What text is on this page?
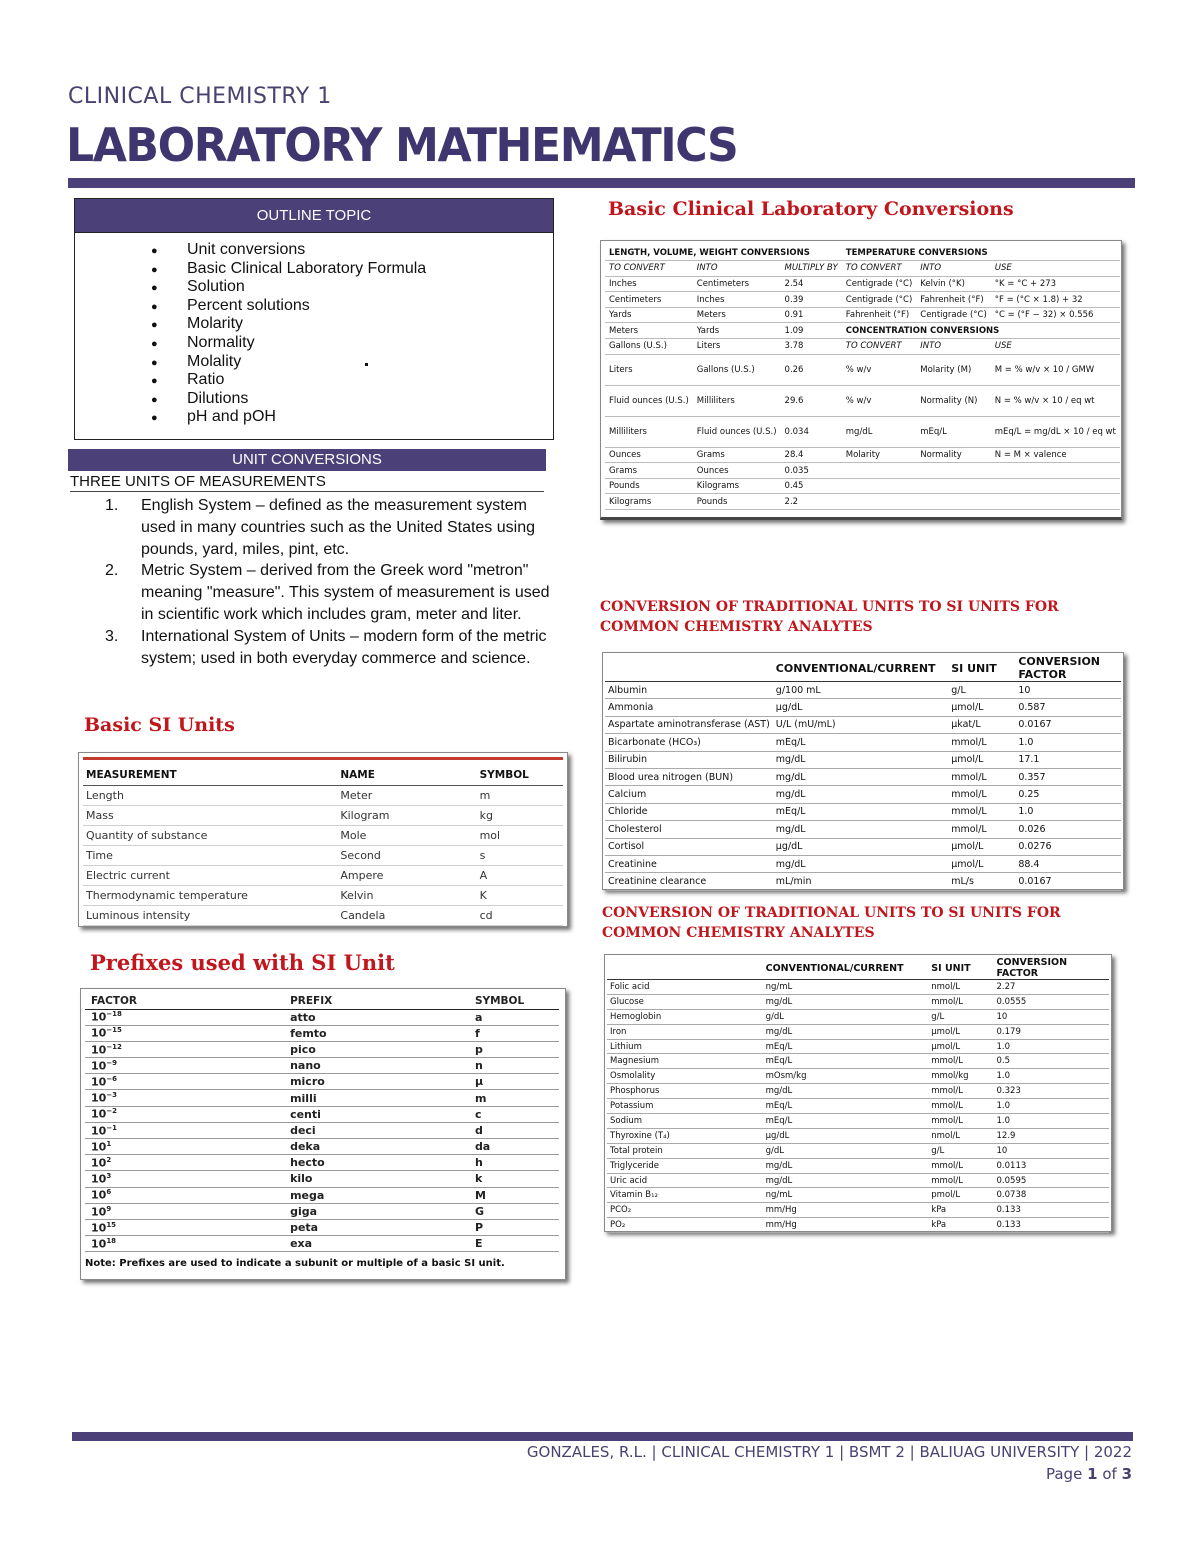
CLINICAL CHEMISTRY 1
LABORATORY MATHEMATICS
OUTLINE TOPIC
● Unit conversions
● Basic Clinical Laboratory Formula
● Solution
● Percent solutions
● Molarity
● Normality
● Molality
● Ratio
● Dilutions
● pH and pOH
UNIT CONVERSIONS
THREE UNITS OF MEASUREMENTS
1. English System – defined as the measurement system used in many countries such as the United States using pounds, yard, miles, pint, etc.
2. Metric System – derived from the Greek word "metron" meaning "measure". This system of measurement is used in scientific work which includes gram, meter and liter.
3. International System of Units – modern form of the metric system; used in both everyday commerce and science.
Basic SI Units
MEASUREMENT	NAME	SYMBOL
Length	Meter	m
Mass	Kilogram	kg
Quantity of substance	Mole	mol
Time	Second	s
Electric current	Ampere	A
Thermodynamic temperature	Kelvin	K
Luminous intensity	Candela	cd
Prefixes used with SI Unit
FACTOR	PREFIX	SYMBOL
$10^{-18}$	atto	a
$10^{-15}$	femto	f
$10^{-12}$	pico	p
$10^{-9}$	nano	n
$10^{-6}$	micro	μ
$10^{-3}$	milli	m
$10^{-2}$	centi	c
$10^{-1}$	deci	d
$10^1$	deka	da
$10^2$	hecto	h
$10^3$	kilo	k
$10^6$	mega	M
$10^9$	giga	G
$10^{15}$	peta	P
$10^{18}$	exa	E
Note: Prefixes are used to indicate a subunit or multiple of a basic SI unit.
Basic Clinical Laboratory Conversions
LENGTH, VOLUME, WEIGHT CONVERSIONS			TEMPERATURE CONVERSIONS		
TO CONVERT	INTO	MULTIPLY BY	TO CONVERT	INTO	USE
Inches	Centimeters	2.54	Centigrade (°C)	Kelvin (°K)	°K = °C + 273
Centimeters	Inches	0.39	Centigrade (°C)	Fahrenheit (°F)	°F = (°C × 1.8) + 32
Yards	Meters	0.91	Fahrenheit (°F)	Centigrade (°C)	°C = (°F − 32) × 0.556
Meters	Yards	1.09	CONCENTRATION CONVERSIONS		
Gallons (U.S.)	Liters	3.78	TO CONVERT	INTO	USE
Liters	Gallons (U.S.)	0.26	% w/v	Molarity (M)	M = % w/v × 10 / GMW
Fluid ounces (U.S.)	Milliliters	29.6	% w/v	Normality (N)	N = % w/v × 10 / eq wt
Milliliters	Fluid ounces (U.S.)	0.034	mg/dL	mEq/L	mEq/L = mg/dL × 10 / eq wt
Ounces	Grams	28.4	Molarity	Normality	N = M × valence
Grams	Ounces	0.035			
Pounds	Kilograms	0.45			
Kilograms	Pounds	2.2			
CONVERSION OF TRADITIONAL UNITS TO SI UNITS FOR COMMON CHEMISTRY ANALYTES
	CONVENTIONAL/CURRENT	SI UNIT	CONVERSION FACTOR
Albumin	g/100 mL	g/L	10
Ammonia	μg/dL	μmol/L	0.587
Aspartate aminotransferase (AST)	U/L (mU/mL)	μkat/L	0.0167
Bicarbonate (HCO₃)	mEq/L	mmol/L	1.0
Bilirubin	mg/dL	μmol/L	17.1
Blood urea nitrogen (BUN)	mg/dL	mmol/L	0.357
Calcium	mg/dL	mmol/L	0.25
Chloride	mEq/L	mmol/L	1.0
Cholesterol	mg/dL	mmol/L	0.026
Cortisol	μg/dL	μmol/L	0.0276
Creatinine	mg/dL	μmol/L	88.4
Creatinine clearance	mL/min	mL/s	0.0167
CONVERSION OF TRADITIONAL UNITS TO SI UNITS FOR COMMON CHEMISTRY ANALYTES
	CONVENTIONAL/CURRENT	SI UNIT	CONVERSION FACTOR
Folic acid	ng/mL	nmol/L	2.27
Glucose	mg/dL	mmol/L	0.0555
Hemoglobin	g/dL	g/L	10
Iron	mg/dL	μmol/L	0.179
Lithium	mEq/L	μmol/L	1.0
Magnesium	mEq/L	mmol/L	0.5
Osmolality	mOsm/kg	mmol/kg	1.0
Phosphorus	mg/dL	mmol/L	0.323
Potassium	mEq/L	mmol/L	1.0
Sodium	mEq/L	mmol/L	1.0
Thyroxine (T₄)	μg/dL	nmol/L	12.9
Total protein	g/dL	g/L	10
Triglyceride	mg/dL	mmol/L	0.0113
Uric acid	mg/dL	mmol/L	0.0595
Vitamin B₁₂	ng/mL	pmol/L	0.0738
PCO₂	mm/Hg	kPa	0.133
PO₂	mm/Hg	kPa	0.133
GONZALES, R.L. | CLINICAL CHEMISTRY 1 | BSMT 2 | BALIUAG UNIVERSITY | 2022
Page 1 of 3
